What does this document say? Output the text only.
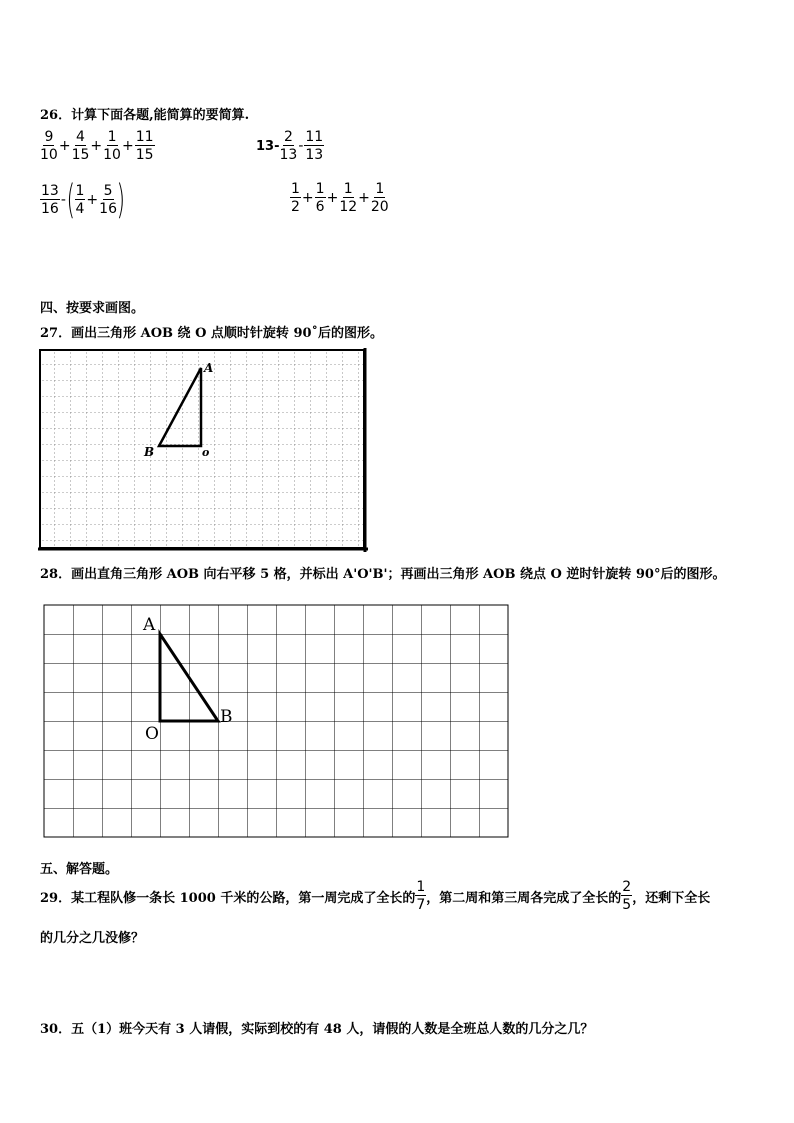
26．计算下面各题,能简算的要简算.
$\frac{9}{10} + \frac{4}{15} + \frac{1}{10} + \frac{11}{15}$	$13- \frac{2}{13} - \frac{11}{13}$
$\frac{13}{16}$ - ( $\frac{1}{4} + \frac{5}{16}$ )	$\frac{1}{2} + \frac{1}{6} + \frac{1}{12} + \frac{1}{20}$
四、按要求画图。
27．画出三角形 AOB 绕 O 点顺时针旋转 90˚后的图形。
A
B	o
28．画出直角三角形 AOB 向右平移 5 格，并标出 A'O'B'；再画出三角形 AOB 绕点 O 逆时针旋转 90°后的图形。
A
B
O
五、解答题。
29．某工程队修一条长 1000 千米的公路，第一周完成了全长的 $\frac{1}{7}$ ，第二周和第三周各完成了全长的 $\frac{2}{5}$ ，还剩下全长
的几分之几没修？
30．五（1）班今天有 3 人请假，实际到校的有 48 人，请假的人数是全班总人数的几分之几？
